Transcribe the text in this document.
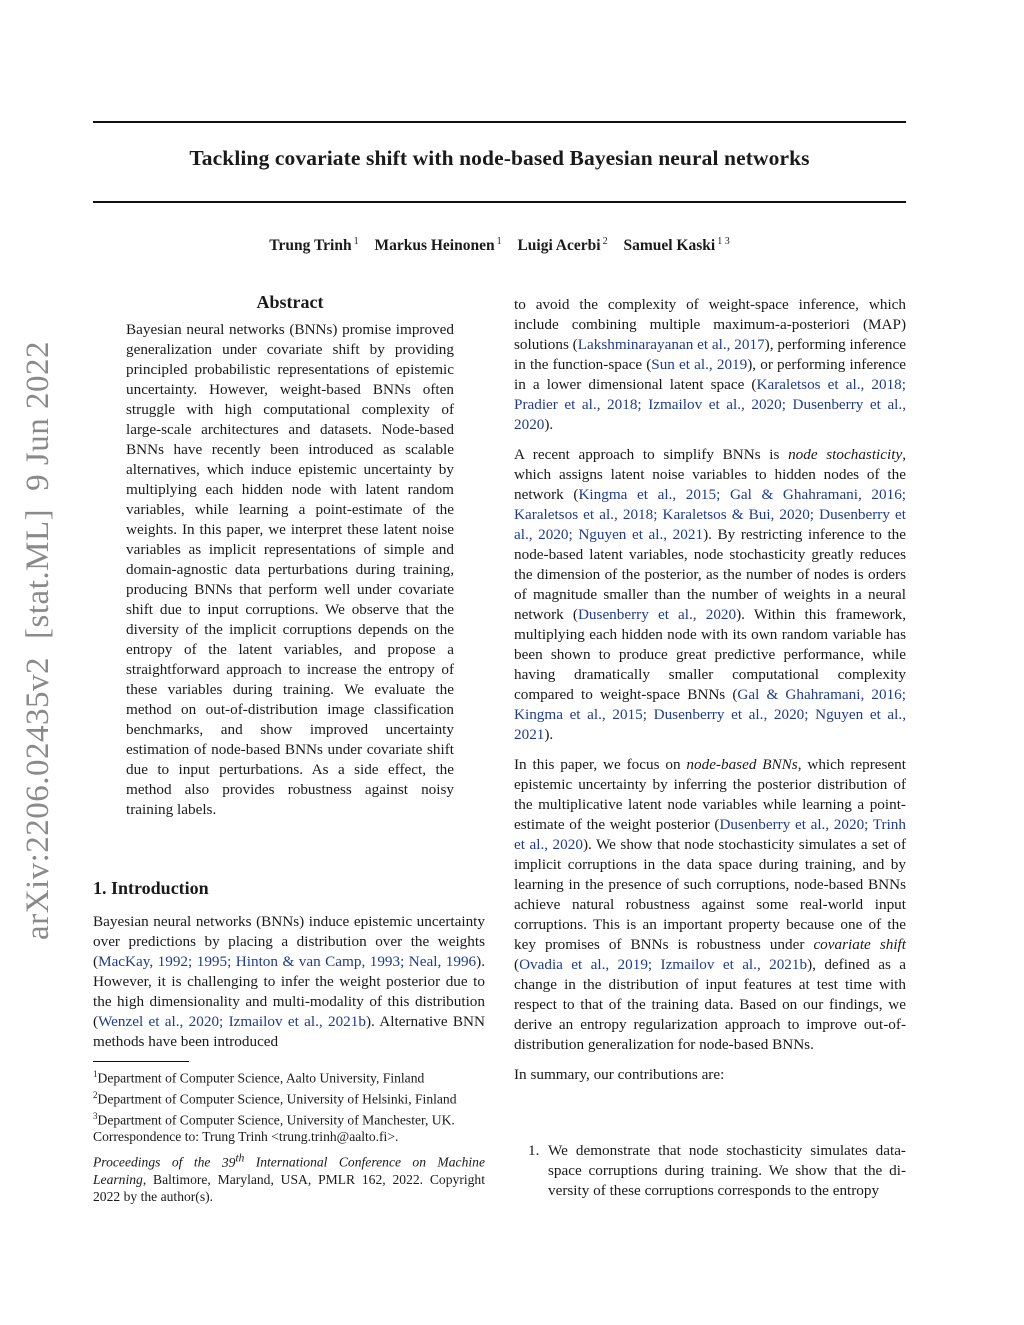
Tackling covariate shift with node-based Bayesian neural networks
Trung Trinh $^1$ Markus Heinonen $^1$ Luigi Acerbi $^2$ Samuel Kaski $^{1 3}$
arXiv:2206.02435v2[stat.ML]9 Jun 2022
Abstract
Bayesian neural networks (BNNs) promise improved generalization under covariate shift by providing principled probabilistic representations of epistemic uncertainty. However, weight-based BNNs often struggle with high computational complexity of large-scale architectures and datasets. Node-based BNNs have recently been introduced as scalable alternatives, which induce epistemic uncertainty by multiplying each hidden node with latent random variables, while learning a point-estimate of the weights. In this paper, we interpret these latent noise variables as implicit representations of simple and domain-agnostic data perturbations during training, producing BNNs that perform well under covariate shift due to input corruptions. We observe that the diversity of the implicit corruptions depends on the entropy of the latent variables, and propose a straightforward approach to increase the entropy of these variables during training. We evaluate the method on out-of-distribution image classification benchmarks, and show improved uncertainty estimation of node-based BNNs under covariate shift due to input perturbations. As a side effect, the method also provides robustness against noisy training labels.
1. Introduction
Bayesian neural networks (BNNs) induce epistemic uncertainty over predictions by placing a distribution over the weights (MacKay, 1992; 1995; Hinton & van Camp, 1993; Neal, 1996). However, it is challenging to infer the weight posterior due to the high dimensionality and multi-modality of this distribution (Wenzel et al., 2020; Izmailov et al., 2021b). Alternative BNN methods have been introduced
$^1$Department of Computer Science, Aalto University, Finland
$^2$Department of Computer Science, University of Helsinki, Finland
$^3$Department of Computer Science, University of Manchester, UK.
Correspondence to: Trung Trinh <trung.trinh@aalto.fi>.
Proceedings of the 39th International Conference on Machine Learning, Baltimore, Maryland, USA, PMLR 162, 2022. Copyright 2022 by the author(s).

to avoid the complexity of weight-space inference, which include combining multiple maximum-a-posteriori (MAP) solutions (Lakshminarayanan et al., 2017), performing inference in the function-space (Sun et al., 2019), or performing inference in a lower dimensional latent space (Karaletsos et al., 2018; Pradier et al., 2018; Izmailov et al., 2020; Dusenberry et al., 2020).

A recent approach to simplify BNNs is node stochasticity, which assigns latent noise variables to hidden nodes of the network (Kingma et al., 2015; Gal & Ghahramani, 2016; Karaletsos et al., 2018; Karaletsos & Bui, 2020; Dusenberry et al., 2020; Nguyen et al., 2021). By restricting inference to the node-based latent variables, node stochasticity greatly reduces the dimension of the posterior, as the number of nodes is orders of magnitude smaller than the number of weights in a neural network (Dusenberry et al., 2020). Within this framework, multiplying each hidden node with its own random variable has been shown to produce great predictive performance, while having dramatically smaller computational complexity compared to weight-space BNNs (Gal & Ghahramani, 2016; Kingma et al., 2015; Dusenberry et al., 2020; Nguyen et al., 2021).

In this paper, we focus on node-based BNNs, which represent epistemic uncertainty by inferring the posterior distribution of the multiplicative latent node variables while learning a point-estimate of the weight posterior (Dusenberry et al., 2020; Trinh et al., 2020). We show that node stochasticity simulates a set of implicit corruptions in the data space during training, and by learning in the presence of such corruptions, node-based BNNs achieve natural robustness against some real-world input corruptions. This is an important property because one of the key promises of BNNs is robustness under covariate shift (Ovadia et al., 2019; Izmailov et al., 2021b), defined as a change in the distribution of input features at test time with respect to that of the training data. Based on our findings, we derive an entropy regularization approach to improve out-of-distribution generalization for node-based BNNs.

In summary, our contributions are:

1. We demonstrate that node stochasticity simulates data-space corruptions during training. We show that the diversity of these corruptions corresponds to the entropy
